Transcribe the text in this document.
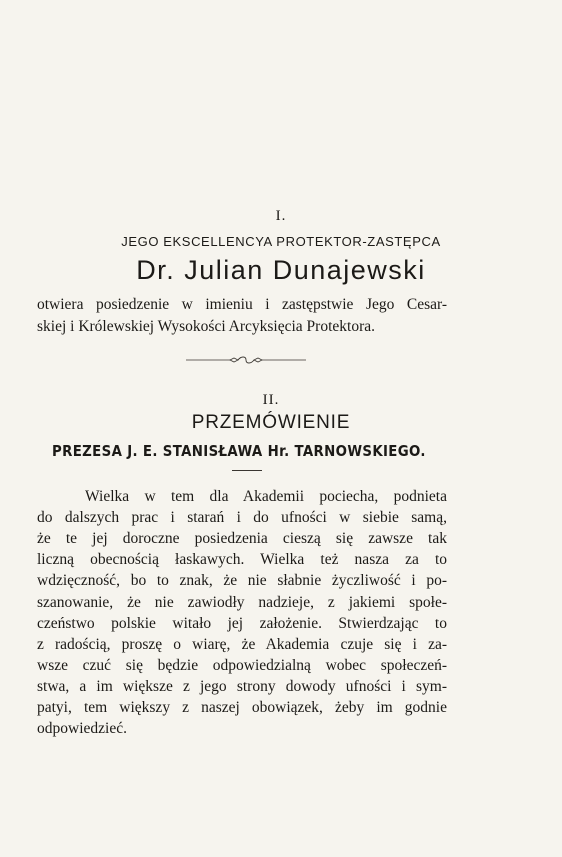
I.
JEGO EKSCELLENCYA PROTEKTOR-ZASTĘPCA
Dr. Julian Dunajewski
otwiera posiedzenie w imieniu i zastępstwie Jego Cesar-
skiej i Królewskiej Wysokości Arcyksięcia Protektora.
II.
PRZEMÓWIENIE
PREZESA J. E. STANISŁAWA Hr. TARNOWSKIEGO.
Wielka w tem dla Akademii pociecha, podnieta
do dalszych prac i starań i do ufności w siebie samą,
że te jej doroczne posiedzenia cieszą się zawsze tak
liczną obecnością łaskawych. Wielka też nasza za to
wdzięczność, bo to znak, że nie słabnie życzliwość i po-
szanowanie, że nie zawiodły nadzieje, z jakiemi społe-
czeństwo polskie witało jej założenie. Stwierdzając to
z radością, proszę o wiarę, że Akademia czuje się i za-
wsze czuć się będzie odpowiedzialną wobec społeczeń-
stwa, a im większe z jego strony dowody ufności i sym-
patyi, tem większy z naszej obowiązek, żeby im godnie
odpowiedzieć.
